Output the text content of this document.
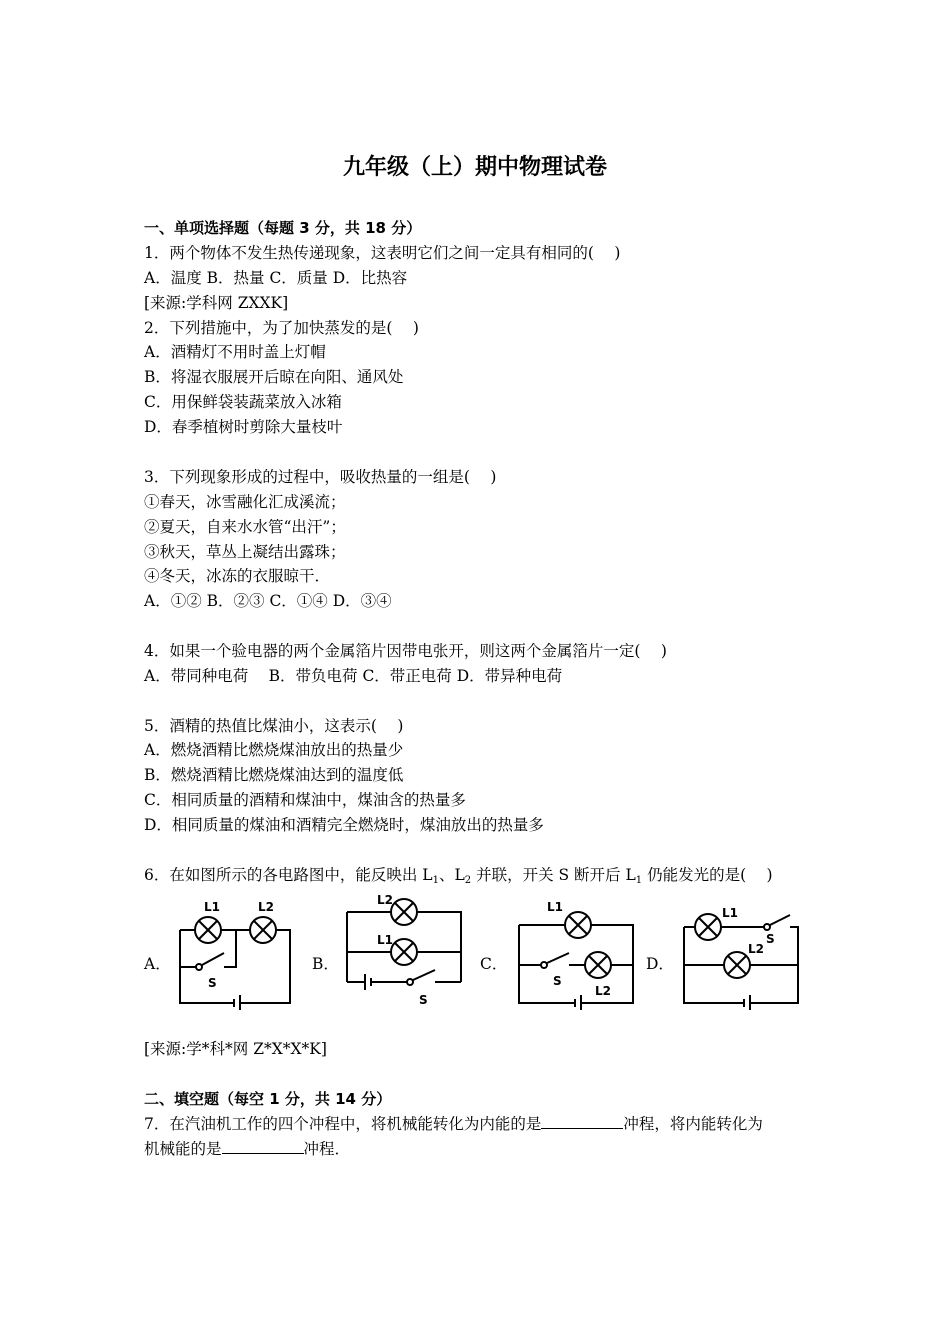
九年级（上）期中物理试卷
一、单项选择题（每题 3 分，共 18 分）
1．两个物体不发生热传递现象，这表明它们之间一定具有相同的(　 )
A．温度 B．热量 C．质量 D．比热容
[来源:学科网 ZXXK]
2．下列措施中，为了加快蒸发的是(　 )
A．酒精灯不用时盖上灯帽
B．将湿衣服展开后晾在向阳、通风处
C．用保鲜袋装蔬菜放入冰箱
D．春季植树时剪除大量枝叶
3．下列现象形成的过程中，吸收热量的一组是(　 )
①春天，冰雪融化汇成溪流；
②夏天，自来水水管“出汗”；
③秋天，草丛上凝结出露珠；
④冬天，冰冻的衣服晾干．
A．①② B．②③ C．①④ D．③④
4．如果一个验电器的两个金属箔片因带电张开，则这两个金属箔片一定(　 )
A．带同种电荷　 B．带负电荷 C．带正电荷 D．带异种电荷
5．酒精的热值比煤油小，这表示(　 )
A．燃烧酒精比燃烧煤油放出的热量少
B．燃烧酒精比燃烧煤油达到的温度低
C．相同质量的酒精和煤油中，煤油含的热量多
D．相同质量的煤油和酒精完全燃烧时，煤油放出的热量多
6．在如图所示的各电路图中，能反映出 $L_1$、$L_2$ 并联，开关 S 断开后 $L_1$ 仍能发光的是(　 )
A．	B．	C．	D．
L1	L2
S
L2
L1
S
L1
S
L2
L1
S
L2
[来源:学*科*网 Z*X*X*K]
二、填空题（每空 1 分，共 14 分）
7．在汽油机工作的四个冲程中，将机械能转化为内能的是	冲程，将内能转化为
机械能的是	冲程．
